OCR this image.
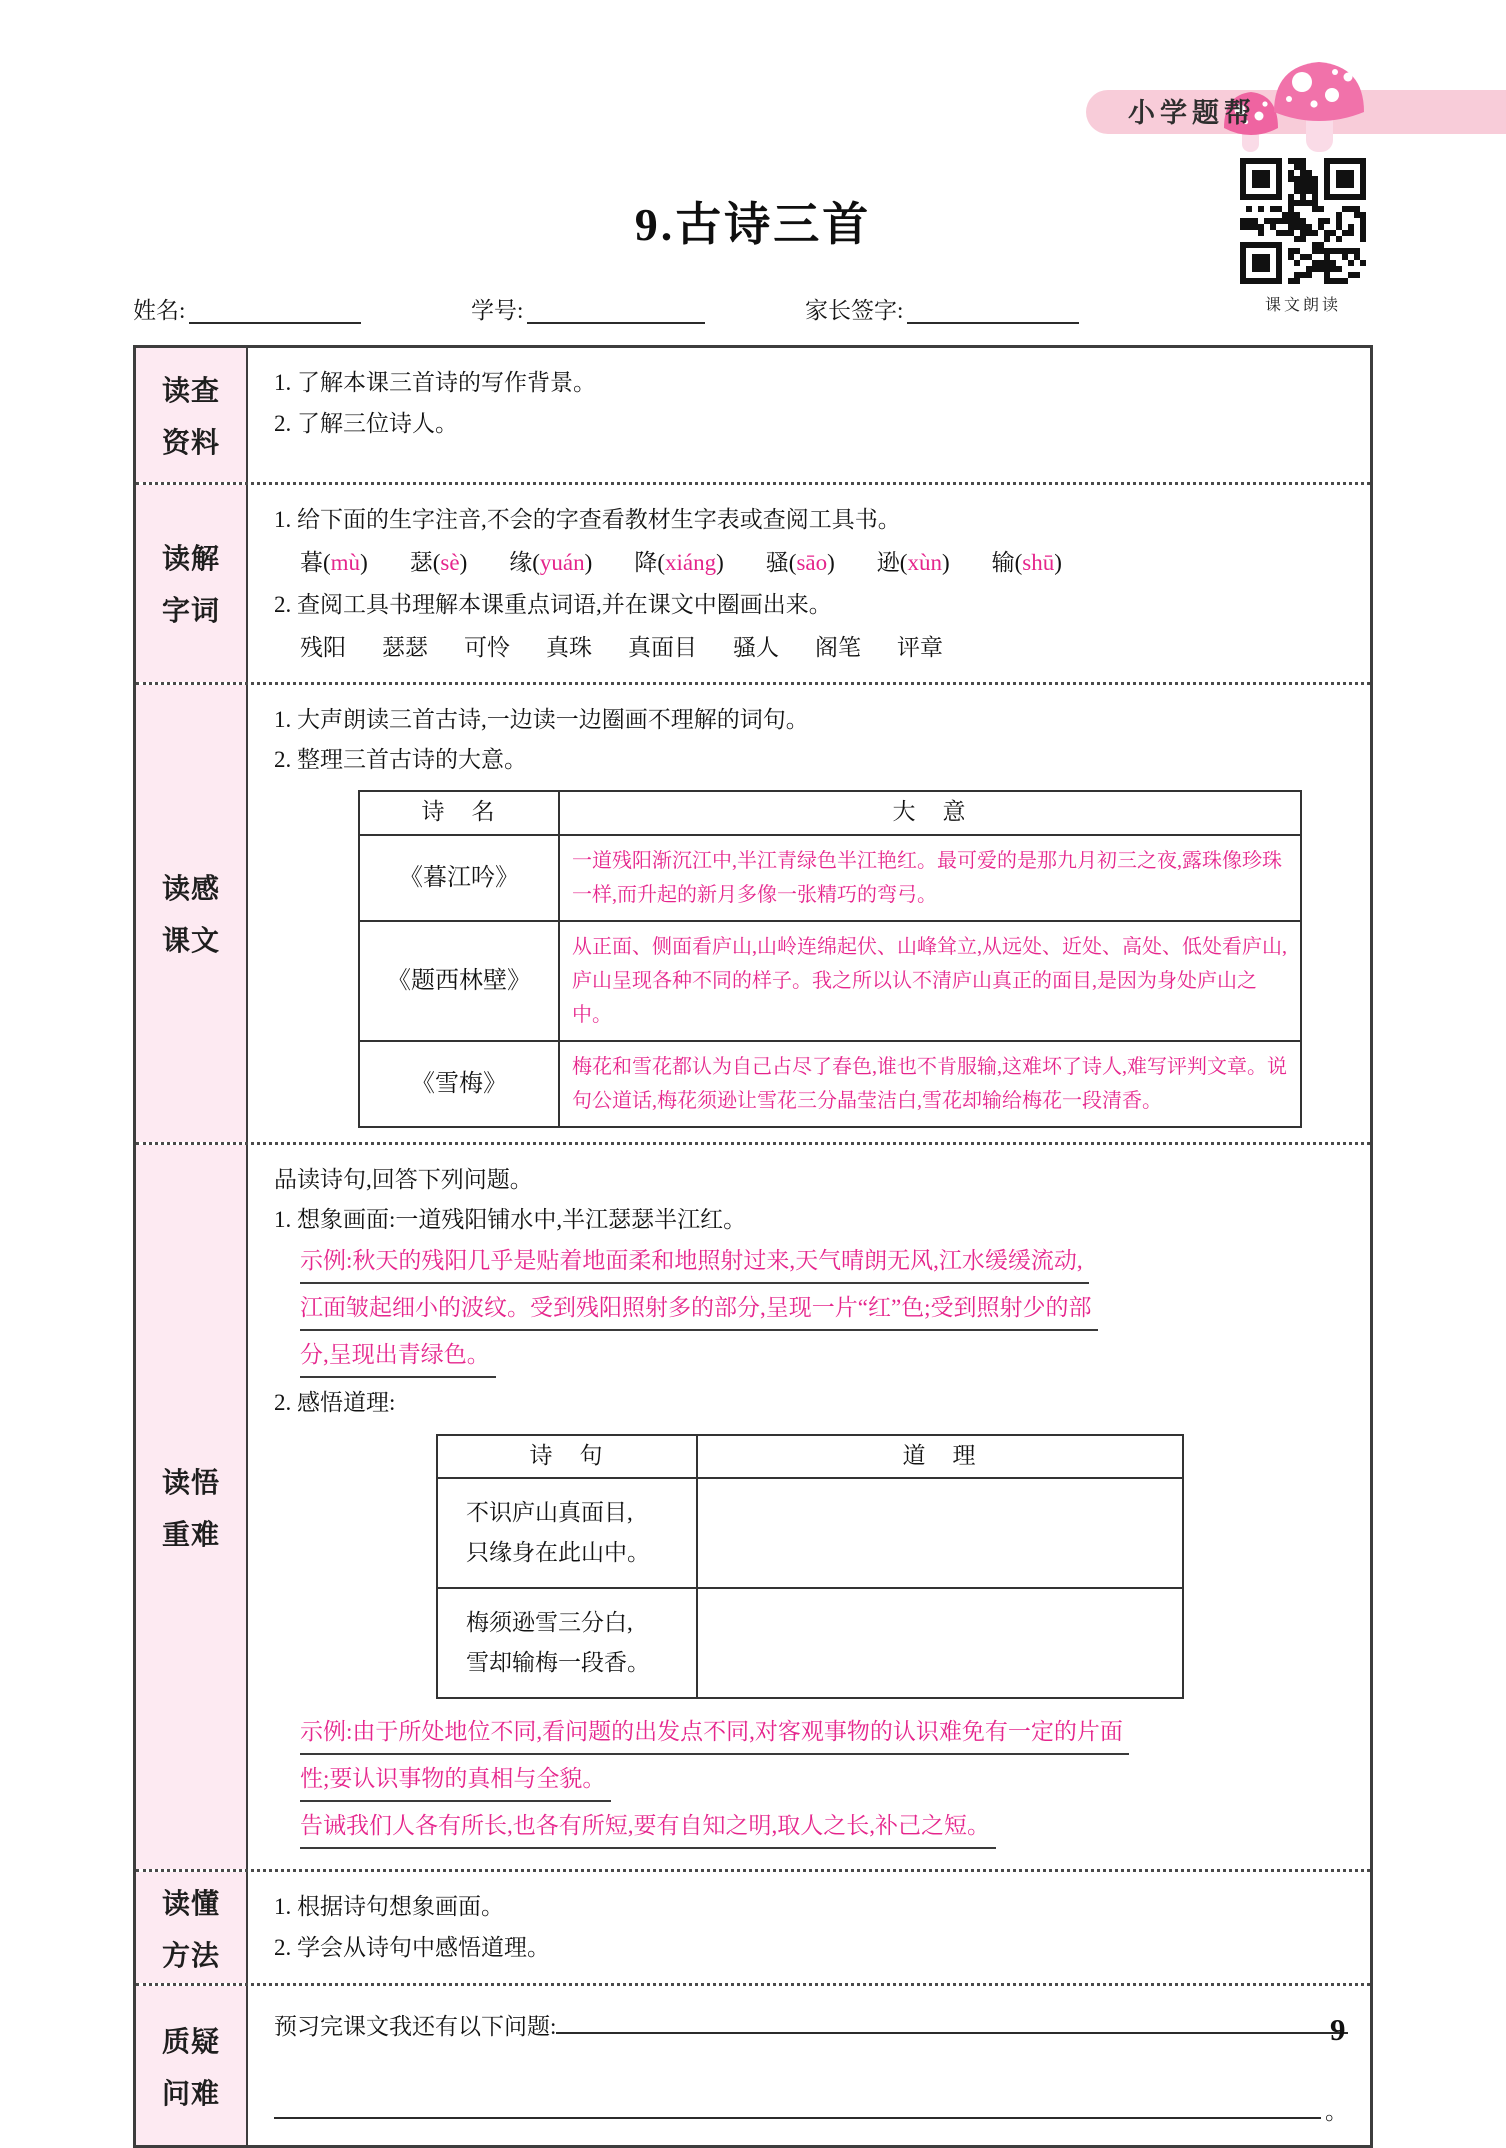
小学题帮
课文朗读
9.古诗三首
姓名:	学号:	家长签字:
读查
资料
1. 了解本课三首诗的写作背景。
2. 了解三位诗人。
读解
字词
1. 给下面的生字注音,不会的字查看教材生字表或查阅工具书。
暮(mù) 瑟(sè) 缘(yuán) 降(xiáng) 骚(sāo) 逊(xùn) 输(shū)
2. 查阅工具书理解本课重点词语,并在课文中圈画出来。
残阳 瑟瑟 可怜 真珠 真面目 骚人 阁笔 评章
读感
课文
1. 大声朗读三首古诗,一边读一边圈画不理解的词句。
2. 整理三首古诗的大意。
诗　名	大　意
《暮江吟》	一道残阳渐沉江中,半江青绿色半江艳红。最可爱的是那九月初三之夜,露珠像珍珠一样,而升起的新月多像一张精巧的弯弓。
《题西林壁》	从正面、侧面看庐山,山岭连绵起伏、山峰耸立,从远处、近处、高处、低处看庐山,庐山呈现各种不同的样子。我之所以认不清庐山真正的面目,是因为身处庐山之中。
《雪梅》	梅花和雪花都认为自己占尽了春色,谁也不肯服输,这难坏了诗人,难写评判文章。说句公道话,梅花须逊让雪花三分晶莹洁白,雪花却输给梅花一段清香。
读悟
重难
品读诗句,回答下列问题。
1. 想象画面:一道残阳铺水中,半江瑟瑟半江红。
示例:秋天的残阳几乎是贴着地面柔和地照射过来,天气晴朗无风,江水缓缓流动,
江面皱起细小的波纹。受到残阳照射多的部分,呈现一片“红”色;受到照射少的部
分,呈现出青绿色。
2. 感悟道理:
诗　句	道　理

不识庐山真面目,
只缘身在此山中。	

梅须逊雪三分白,
雪却输梅一段香。	

示例:由于所处地位不同,看问题的出发点不同,对客观事物的认识难免有一定的片面
性;要认识事物的真相与全貌。
告诫我们人各有所长,也各有所短,要有自知之明,取人之长,补己之短。
读懂
方法
1. 根据诗句想象画面。
2. 学会从诗句中感悟道理。
质疑
问难
预习完课文我还有以下问题:
。
9
